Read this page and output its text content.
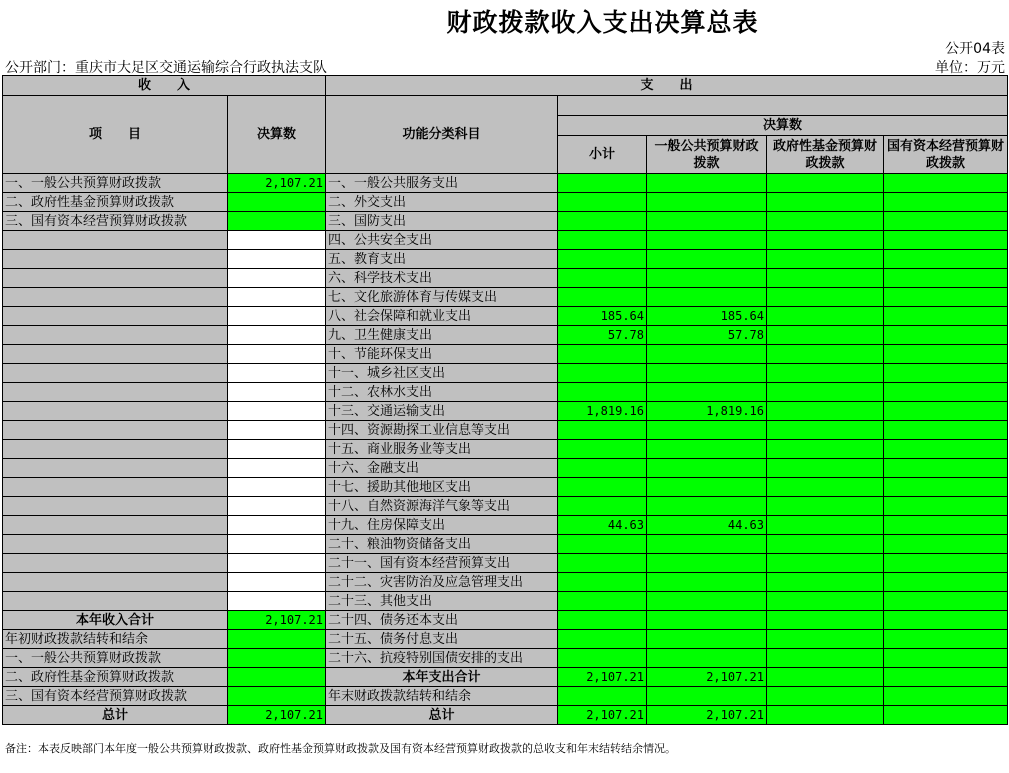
财政拨款收入支出决算总表
公开04表
公开部门：重庆市大足区交通运输综合行政执法支队	单位：万元
收　　入		支　　出				
项　　目	决算数	功能分类科目				
			决算数			
			小计	一般公共预算财政拨款	政府性基金预算财政拨款	国有资本经营预算财政拨款
一、一般公共预算财政拨款	2,107.21	一、一般公共服务支出				
二、政府性基金预算财政拨款		二、外交支出				
三、国有资本经营预算财政拨款		三、国防支出				
		四、公共安全支出				
		五、教育支出				
		六、科学技术支出				
		七、文化旅游体育与传媒支出				
		八、社会保障和就业支出	185.64	185.64		
		九、卫生健康支出	57.78	57.78		
		十、节能环保支出				
		十一、城乡社区支出				
		十二、农林水支出				
		十三、交通运输支出	1,819.16	1,819.16		
		十四、资源勘探工业信息等支出				
		十五、商业服务业等支出				
		十六、金融支出				
		十七、援助其他地区支出				
		十八、自然资源海洋气象等支出				
		十九、住房保障支出	44.63	44.63		
		二十、粮油物资储备支出				
		二十一、国有资本经营预算支出				
		二十二、灾害防治及应急管理支出				
		二十三、其他支出				
本年收入合计	2,107.21	二十四、债务还本支出				
年初财政拨款结转和结余		二十五、债务付息支出				
一、一般公共预算财政拨款		二十六、抗疫特别国债安排的支出				
二、政府性基金预算财政拨款		本年支出合计	2,107.21	2,107.21		
三、国有资本经营预算财政拨款		年末财政拨款结转和结余				
总计	2,107.21	总计	2,107.21	2,107.21		
备注：本表反映部门本年度一般公共预算财政拨款、政府性基金预算财政拨款及国有资本经营预算财政拨款的总收支和年末结转结余情况。
